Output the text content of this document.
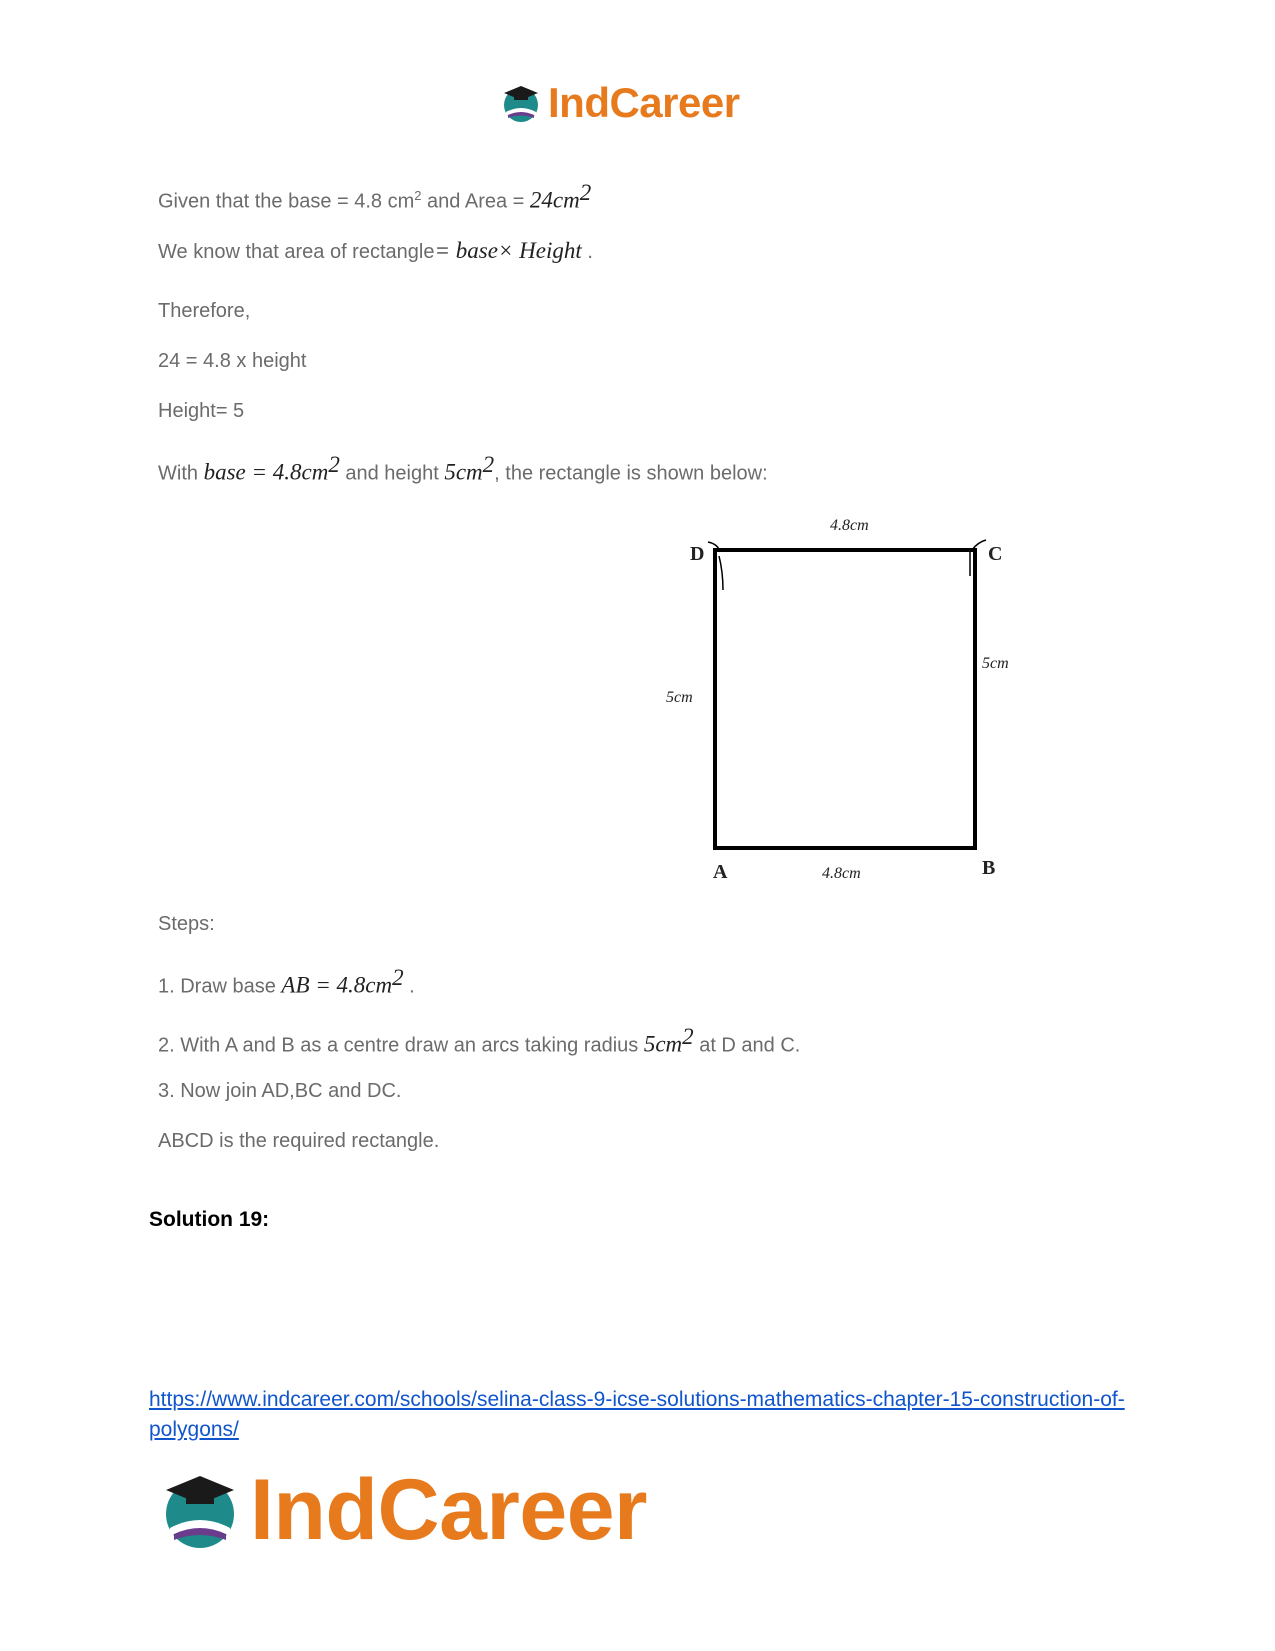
IndCareer
Given that the base = 4.8 $cm^2$ and Area = $24cm^2$
We know that area of rectangle= base× Height .
Therefore,
24 = 4.8 x height
Height= 5
With base = $4.8cm^2$ and height $5cm^2$, the rectangle is shown below:
D	C
A	B
4.8cm
4.8cm
5cm
5cm
Steps:
1. Draw base AB = $4.8cm^2$ .
2. With A and B as a centre draw an arcs taking radius $5cm^2$ at D and C.
3. Now join AD,BC and DC.
ABCD is the required rectangle.
Solution 19:
https://www.indcareer.com/schools/selina-class-9-icse-solutions-mathematics-chapter-15-construction-of-polygons/
IndCareer
